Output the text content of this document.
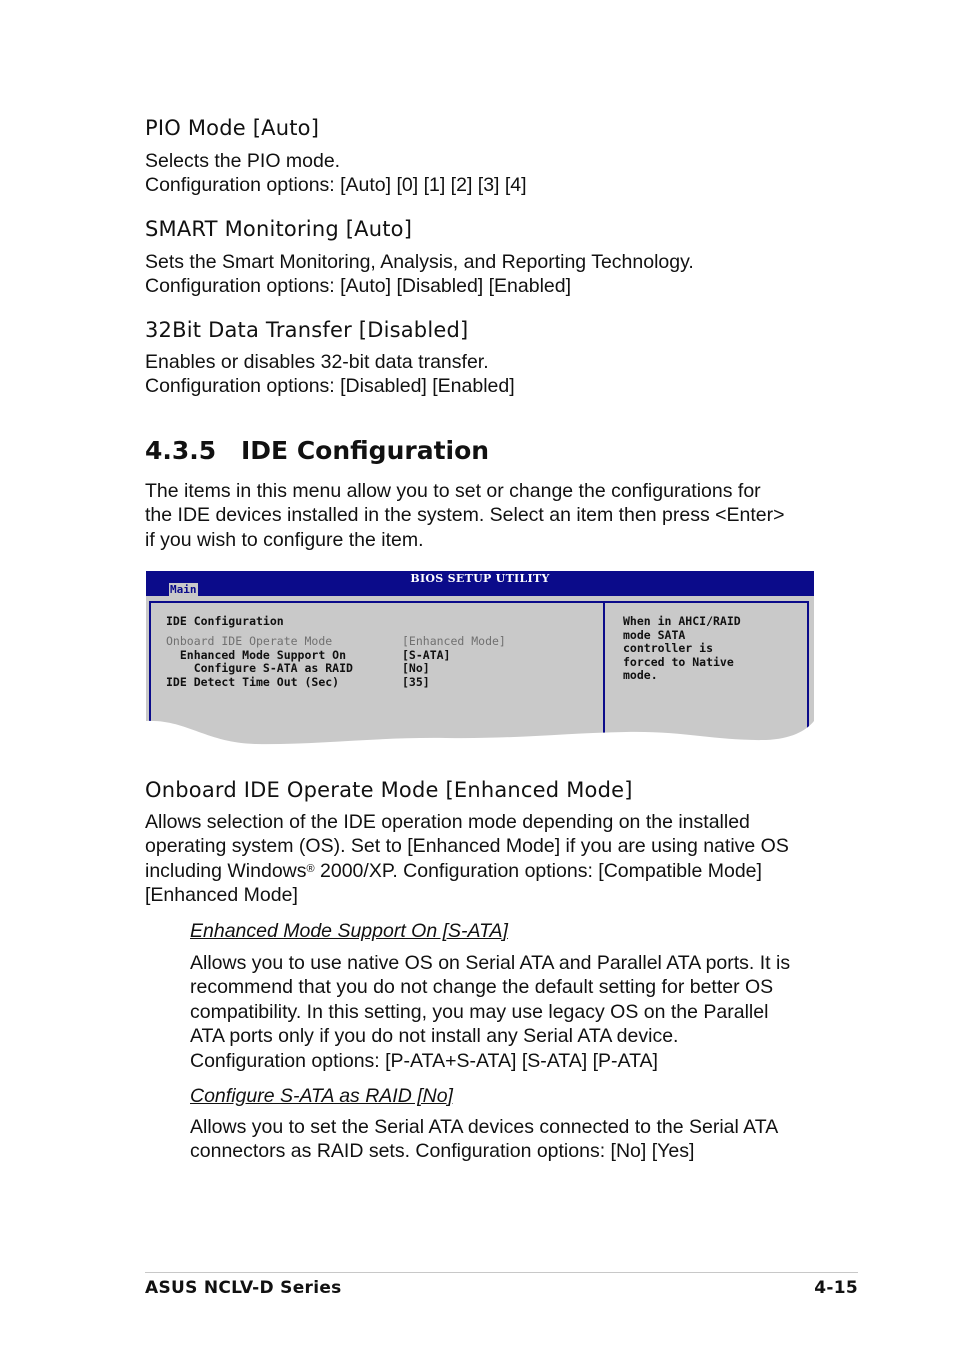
PIO Mode [Auto]
Selects the PIO mode.
Configuration options: [Auto] [0] [1] [2] [3] [4]
SMART Monitoring [Auto]
Sets the Smart Monitoring, Analysis, and Reporting Technology.
Configuration options: [Auto] [Disabled] [Enabled]
32Bit Data Transfer [Disabled]
Enables or disables 32-bit data transfer.
Configuration options: [Disabled] [Enabled]
4.3.5 IDE Configuration
The items in this menu allow you to set or change the configurations for
the IDE devices installed in the system. Select an item then press <Enter>
if you wish to configure the item.
BIOS SETUP UTILITY
Main
IDE Configuration
Onboard IDE Operate Mode	[Enhanced Mode]
Enhanced Mode Support On	[S-ATA]
Configure S-ATA as RAID	[No]
IDE Detect Time Out (Sec)	[35]
When in AHCI/RAID
mode SATA
controller is
forced to Native
mode.
Onboard IDE Operate Mode [Enhanced Mode]
Allows selection of the IDE operation mode depending on the installed
operating system (OS). Set to [Enhanced Mode] if you are using native OS
including Windows® 2000/XP. Configuration options: [Compatible Mode]
[Enhanced Mode]
Enhanced Mode Support On [S-ATA]
Allows you to use native OS on Serial ATA and Parallel ATA ports. It is
recommend that you do not change the default setting for better OS
compatibility. In this setting, you may use legacy OS on the Parallel
ATA ports only if you do not install any Serial ATA device.
Configuration options: [P-ATA+S-ATA] [S-ATA] [P-ATA]
Configure S-ATA as RAID [No]
Allows you to set the Serial ATA devices connected to the Serial ATA
connectors as RAID sets. Configuration options: [No] [Yes]
ASUS NCLV-D Series	4-15
